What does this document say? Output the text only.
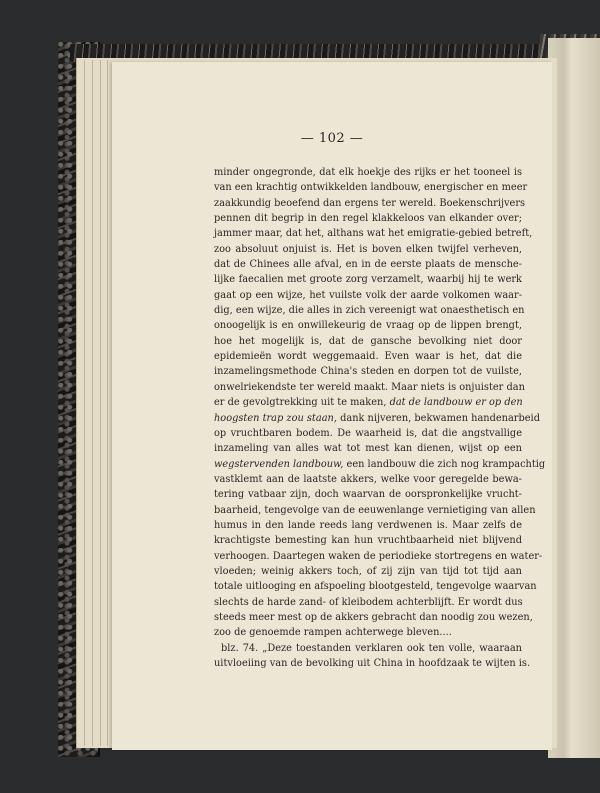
— 102 —
minder ongegronde, dat elk hoekje des rijks er het tooneel is
van een krachtig ontwikkelden landbouw, energischer en meer
zaakkundig beoefend dan ergens ter wereld. Boekenschrijvers
pennen dit begrip in den regel klakkeloos van elkander over;
jammer maar, dat het, althans wat het emigratie-gebied betreft,
zoo absoluut onjuist is. Het is boven elken twijfel verheven,
dat de Chinees alle afval, en in de eerste plaats de mensche-
lijke faecalien met groote zorg verzamelt, waarbij hij te werk
gaat op een wijze, het vuilste volk der aarde volkomen waar-
dig, een wijze, die alles in zich vereenigt wat onaesthetisch en
onoogelijk is en onwillekeurig de vraag op de lippen brengt,
hoe het mogelijk is, dat de gansche bevolking niet door
epidemieën wordt weggemaaid. Even waar is het, dat die
inzamelingsmethode China's steden en dorpen tot de vuilste,
onwelriekendste ter wereld maakt. Maar niets is onjuister dan
er de gevolgtrekking uit te maken, dat de landbouw er op den
hoogsten trap zou staan, dank nijveren, bekwamen handenarbeid
op vruchtbaren bodem. De waarheid is, dat die angstvallige
inzameling van alles wat tot mest kan dienen, wijst op een
wegstervenden landbouw, een landbouw die zich nog krampachtig
vastklemt aan de laatste akkers, welke voor geregelde bewa-
tering vatbaar zijn, doch waarvan de oorspronkelijke vrucht-
baarheid, tengevolge van de eeuwenlange vernietiging van allen
humus in den lande reeds lang verdwenen is. Maar zelfs de
krachtigste bemesting kan hun vruchtbaarheid niet blijvend
verhoogen. Daartegen waken de periodieke stortregens en water-
vloeden; weinig akkers toch, of zij zijn van tijd tot tijd aan
totale uitlooging en afspoeling blootgesteld, tengevolge waarvan
slechts de harde zand- of kleibodem achterblijft. Er wordt dus
steeds meer mest op de akkers gebracht dan noodig zou wezen,
zoo de genoemde rampen achterwege bleven....
blz. 74. „Deze toestanden verklaren ook ten volle, waaraan
uitvloeiing van de bevolking uit China in hoofdzaak te wijten is.
